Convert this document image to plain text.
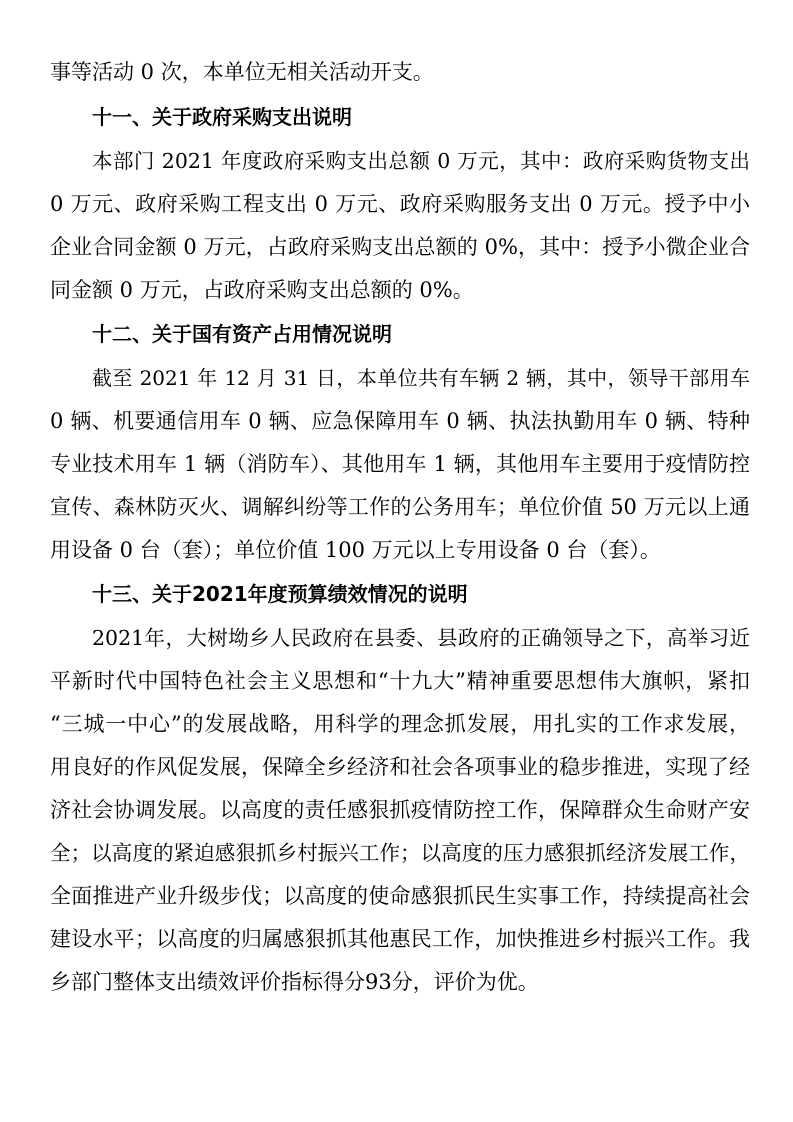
事等活动 0 次，本单位无相关活动开支。
十一、关于政府采购支出说明
本部门 2021 年度政府采购支出总额 0 万元，其中：政府采购货物支出
0 万元、政府采购工程支出 0 万元、政府采购服务支出 0 万元。授予中小
企业合同金额 0 万元，占政府采购支出总额的 0%，其中：授予小微企业合
同金额 0 万元，占政府采购支出总额的 0%。
十二、关于国有资产占用情况说明
截至 2021 年 12 月 31 日，本单位共有车辆 2 辆，其中，领导干部用车
0 辆、机要通信用车 0 辆、应急保障用车 0 辆、执法执勤用车 0 辆、特种
专业技术用车 1 辆（消防车）、其他用车 1 辆，其他用车主要用于疫情防控
宣传、森林防灭火、调解纠纷等工作的公务用车；单位价值 50 万元以上通
用设备 0 台（套）；单位价值 100 万元以上专用设备 0 台（套）。
十三、关于2021年度预算绩效情况的说明
2021年，大树坳乡人民政府在县委、县政府的正确领导之下，高举习近
平新时代中国特色社会主义思想和“十九大”精神重要思想伟大旗帜，紧扣
“三城一中心”的发展战略，用科学的理念抓发展，用扎实的工作求发展，
用良好的作风促发展，保障全乡经济和社会各项事业的稳步推进，实现了经
济社会协调发展。以高度的责任感狠抓疫情防控工作，保障群众生命财产安
全；以高度的紧迫感狠抓乡村振兴工作；以高度的压力感狠抓经济发展工作，
全面推进产业升级步伐；以高度的使命感狠抓民生实事工作，持续提高社会
建设水平；以高度的归属感狠抓其他惠民工作，加快推进乡村振兴工作。我
乡部门整体支出绩效评价指标得分93分，评价为优。
